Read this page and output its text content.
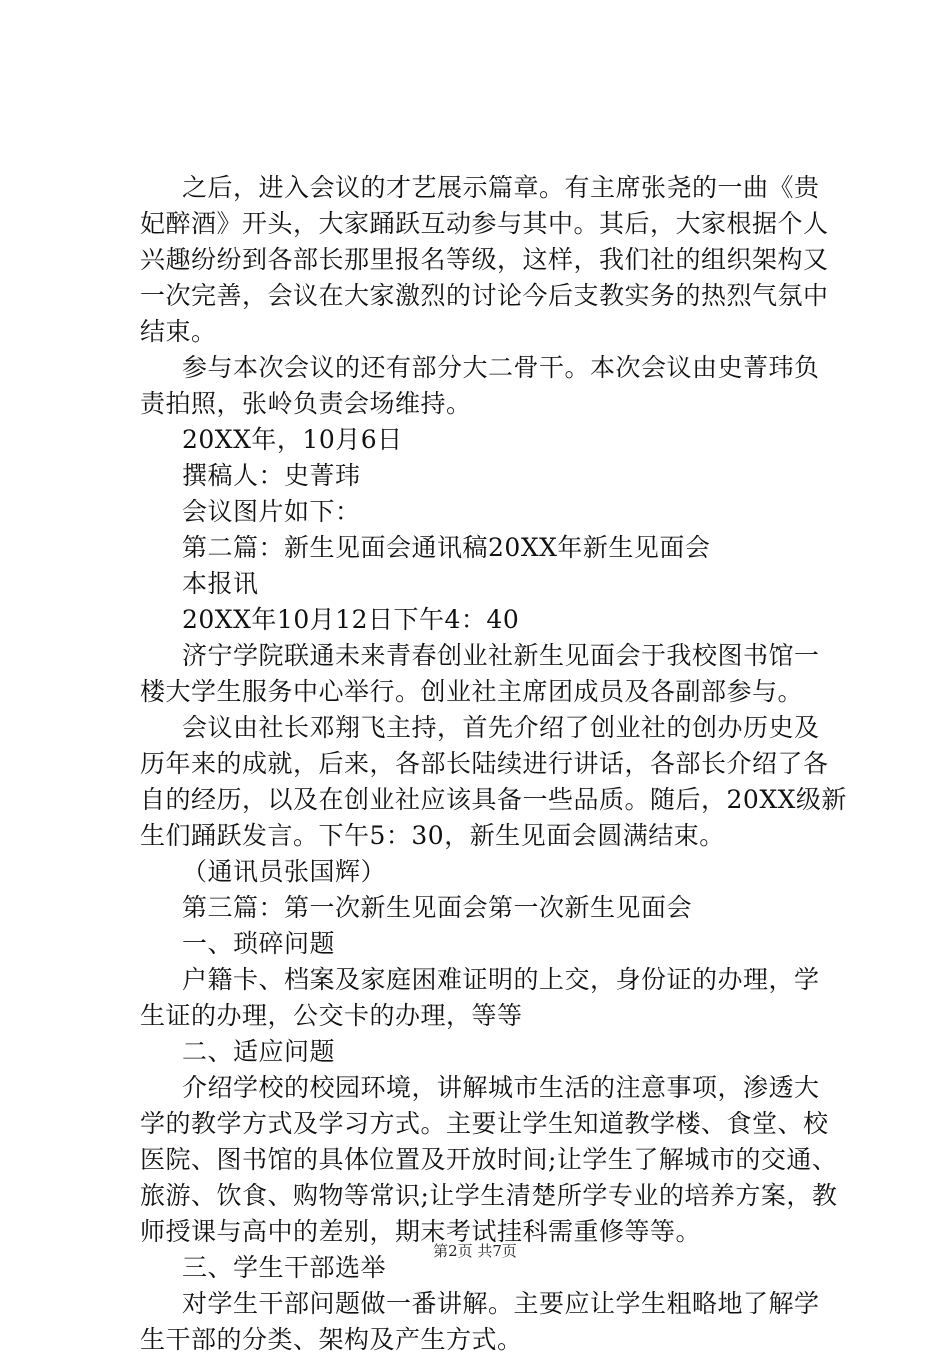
之后，进入会议的才艺展示篇章。有主席张尧的一曲《贵
妃醉酒》开头，大家踊跃互动参与其中。其后，大家根据个人
兴趣纷纷到各部长那里报名等级，这样，我们社的组织架构又
一次完善，会议在大家激烈的讨论今后支教实务的热烈气氛中
结束。
参与本次会议的还有部分大二骨干。本次会议由史菁玮负
责拍照，张岭负责会场维持。
20XX年，10月6日
撰稿人：史菁玮
会议图片如下：
第二篇：新生见面会通讯稿20XX年新生见面会
本报讯
20XX年10月12日下午4：40
济宁学院联通未来青春创业社新生见面会于我校图书馆一
楼大学生服务中心举行。创业社主席团成员及各副部参与。
会议由社长邓翔飞主持，首先介绍了创业社的创办历史及
历年来的成就，后来，各部长陆续进行讲话，各部长介绍了各
自的经历，以及在创业社应该具备一些品质。随后，20XX级新
生们踊跃发言。下午5：30，新生见面会圆满结束。
（通讯员张国辉）
第三篇：第一次新生见面会第一次新生见面会
一、琐碎问题
户籍卡、档案及家庭困难证明的上交，身份证的办理，学
生证的办理，公交卡的办理，等等
二、适应问题
介绍学校的校园环境，讲解城市生活的注意事项，渗透大
学的教学方式及学习方式。主要让学生知道教学楼、食堂、校
医院、图书馆的具体位置及开放时间;让学生了解城市的交通、
旅游、饮食、购物等常识;让学生清楚所学专业的培养方案，教
师授课与高中的差别，期末考试挂科需重修等等。
三、学生干部选举
对学生干部问题做一番讲解。主要应让学生粗略地了解学
生干部的分类、架构及产生方式。
第2页 共7页
